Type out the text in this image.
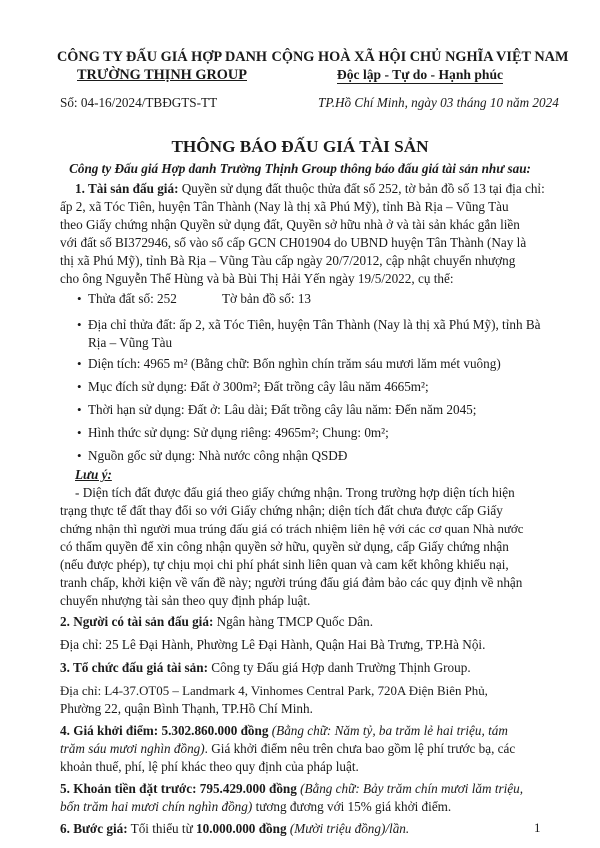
CÔNG TY ĐẤU GIÁ HỢP DANH
TRƯỜNG THỊNH GROUP
Số: 04-16/2024/TBĐGTS-TT
CỘNG HOÀ XÃ HỘI CHỦ NGHĨA VIỆT NAM
Độc lập - Tự do - Hạnh phúc
TP.Hồ Chí Minh, ngày 03 tháng 10 năm 2024
THÔNG BÁO ĐẤU GIÁ TÀI SẢN
Công ty Đấu giá Hợp danh Trường Thịnh Group thông báo đấu giá tài sản như sau:
1. Tài sản đấu giá: Quyền sử dụng đất thuộc thửa đất số 252, tờ bản đồ số 13 tại địa chỉ:
ấp 2, xã Tóc Tiên, huyện Tân Thành (Nay là thị xã Phú Mỹ), tỉnh Bà Rịa – Vũng Tàu
theo Giấy chứng nhận Quyền sử dụng đất, Quyền sở hữu nhà ở và tài sản khác gắn liền
với đất số BI372946, số vào sổ cấp GCN CH01904 do UBND huyện Tân Thành (Nay là
thị xã Phú Mỹ), tỉnh Bà Rịa – Vũng Tàu cấp ngày 20/7/2012, cập nhật chuyển nhượng
cho ông Nguyễn Thế Hùng và bà Bùi Thị Hải Yến ngày 19/5/2022, cụ thể:
• Thửa đất số: 252	Tờ bản đồ số: 13
• Địa chỉ thửa đất: ấp 2, xã Tóc Tiên, huyện Tân Thành (Nay là thị xã Phú Mỹ), tỉnh Bà
Rịa – Vũng Tàu
• Diện tích: 4965 m² (Bằng chữ: Bốn nghìn chín trăm sáu mươi lăm mét vuông)
• Mục đích sử dụng: Đất ở 300m²; Đất trồng cây lâu năm 4665m²;
• Thời hạn sử dụng: Đất ở: Lâu dài; Đất trồng cây lâu năm: Đến năm 2045;
• Hình thức sử dụng: Sử dụng riêng: 4965m²; Chung: 0m²;
• Nguồn gốc sử dụng: Nhà nước công nhận QSDĐ
Lưu ý:
- Diện tích đất được đấu giá theo giấy chứng nhận. Trong trường hợp diện tích hiện
trạng thực tế đất thay đổi so với Giấy chứng nhận; diện tích đất chưa được cấp Giấy
chứng nhận thì người mua trúng đấu giá có trách nhiệm liên hệ với các cơ quan Nhà nước
có thẩm quyền để xin công nhận quyền sở hữu, quyền sử dụng, cấp Giấy chứng nhận
(nếu được phép), tự chịu mọi chi phí phát sinh liên quan và cam kết không khiếu nại,
tranh chấp, khởi kiện về vấn đề này; người trúng đấu giá đảm bảo các quy định về nhận
chuyển nhượng tài sản theo quy định pháp luật.
2. Người có tài sản đấu giá: Ngân hàng TMCP Quốc Dân.
Địa chỉ: 25 Lê Đại Hành, Phường Lê Đại Hành, Quận Hai Bà Trưng, TP.Hà Nội.
3. Tổ chức đấu giá tài sản: Công ty Đấu giá Hợp danh Trường Thịnh Group.
Địa chỉ: L4-37.OT05 – Landmark 4, Vinhomes Central Park, 720A Điện Biên Phủ,
Phường 22, quận Bình Thạnh, TP.Hồ Chí Minh.
4. Giá khởi điểm: 5.302.860.000 đồng (Bằng chữ: Năm tỷ, ba trăm lẻ hai triệu, tám
trăm sáu mươi nghìn đồng). Giá khởi điểm nêu trên chưa bao gồm lệ phí trước bạ, các
khoản thuế, phí, lệ phí khác theo quy định của pháp luật.
5. Khoản tiền đặt trước: 795.429.000 đồng (Bằng chữ: Bảy trăm chín mươi lăm triệu,
bốn trăm hai mươi chín nghìn đồng) tương đương với 15% giá khởi điểm.
6. Bước giá: Tối thiểu từ 10.000.000 đồng (Mười triệu đồng)/lần.	1
